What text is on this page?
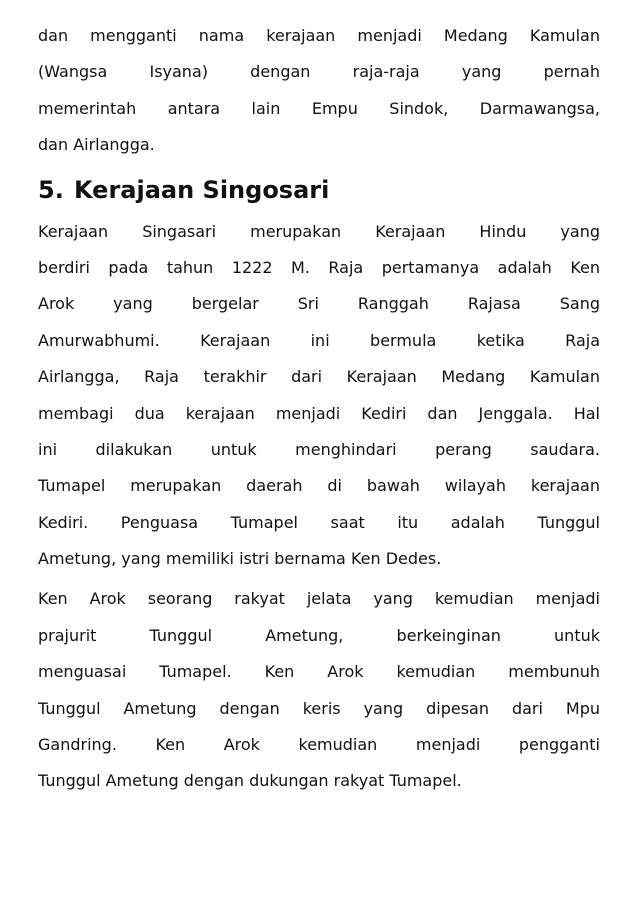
dan mengganti nama kerajaan menjadi Medang Kamulan
(Wangsa Isyana) dengan raja-raja yang pernah
memerintah antara lain Empu Sindok, Darmawangsa,
dan Airlangga.

5. Kerajaan Singosari

Kerajaan Singasari merupakan Kerajaan Hindu yang
berdiri pada tahun 1222 M. Raja pertamanya adalah Ken
Arok yang bergelar Sri Ranggah Rajasa Sang
Amurwabhumi. Kerajaan ini bermula ketika Raja
Airlangga, Raja terakhir dari Kerajaan Medang Kamulan
membagi dua kerajaan menjadi Kediri dan Jenggala. Hal
ini dilakukan untuk menghindari perang saudara.
Tumapel merupakan daerah di bawah wilayah kerajaan
Kediri. Penguasa Tumapel saat itu adalah Tunggul
Ametung, yang memiliki istri bernama Ken Dedes.

Ken Arok seorang rakyat jelata yang kemudian menjadi
prajurit Tunggul Ametung, berkeinginan untuk
menguasai Tumapel. Ken Arok kemudian membunuh
Tunggul Ametung dengan keris yang dipesan dari Mpu
Gandring. Ken Arok kemudian menjadi pengganti
Tunggul Ametung dengan dukungan rakyat Tumapel.
